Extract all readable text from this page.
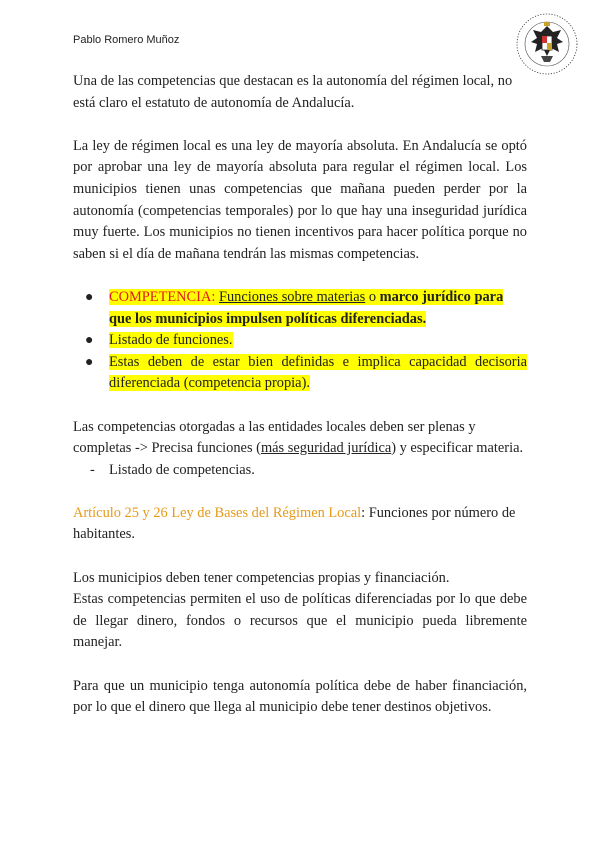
Pablo Romero Muñoz

Una de las competencias que destacan es la autonomía del régimen local, no está claro el estatuto de autonomía de Andalucía.

La ley de régimen local es una ley de mayoría absoluta. En Andalucía se optó por aprobar una ley de mayoría absoluta para regular el régimen local. Los municipios tienen unas competencias que mañana pueden perder por la autonomía (competencias temporales) por lo que hay una inseguridad jurídica muy fuerte. Los municipios no tienen incentivos para hacer política porque no saben si el día de mañana tendrán las mismas competencias.

● COMPETENCIA: Funciones sobre materias o marco jurídico para que los municipios impulsen políticas diferenciadas.
● Listado de funciones.
● Estas deben de estar bien definidas e implica capacidad decisoria diferenciada (competencia propia).

Las competencias otorgadas a las entidades locales deben ser plenas y completas -> Precisa funciones (más seguridad jurídica) y especificar materia.

- Listado de competencias.

Artículo 25 y 26 Ley de Bases del Régimen Local: Funciones por número de habitantes.

Los municipios deben tener competencias propias y financiación.

Estas competencias permiten el uso de políticas diferenciadas por lo que debe de llegar dinero, fondos o recursos que el municipio pueda libremente manejar.

Para que un municipio tenga autonomía política debe de haber financiación, por lo que el dinero que llega al municipio debe tener destinos objetivos.
